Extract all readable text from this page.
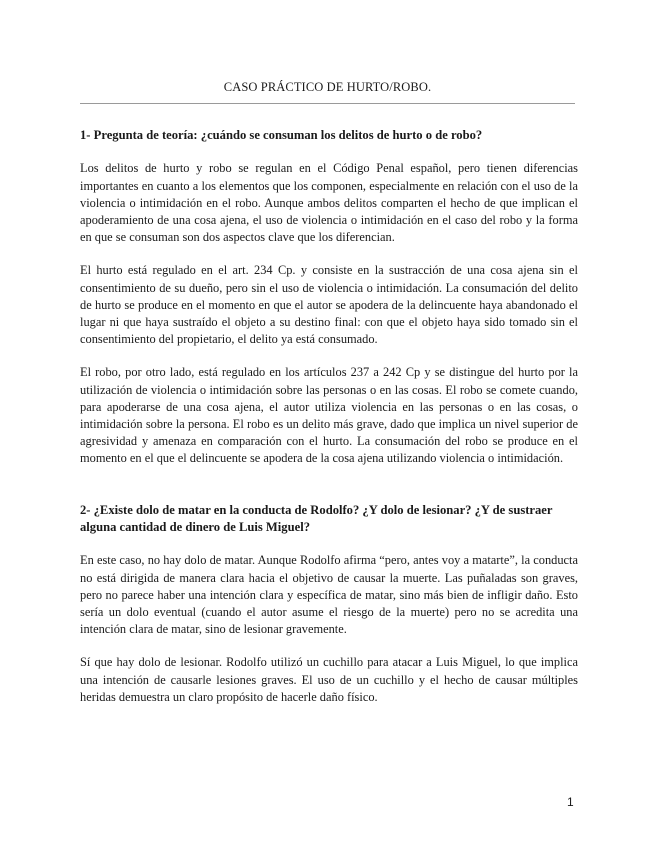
CASO PRÁCTICO DE HURTO/ROBO.

1- Pregunta de teoría: ¿cuándo se consuman los delitos de hurto o de robo?

Los delitos de hurto y robo se regulan en el Código Penal español, pero tienen diferencias importantes en cuanto a los elementos que los componen, especialmente en relación con el uso de la violencia o intimidación en el robo. Aunque ambos delitos comparten el hecho de que implican el apoderamiento de una cosa ajena, el uso de violencia o intimidación en el caso del robo y la forma en que se consuman son dos aspectos clave que los diferencian.

El hurto está regulado en el art. 234 Cp. y consiste en la sustracción de una cosa ajena sin el consentimiento de su dueño, pero sin el uso de violencia o intimidación. La consumación del delito de hurto se produce en el momento en que el autor se apodera de la delincuente haya abandonado el lugar ni que haya sustraído el objeto a su destino final: con que el objeto haya sido tomado sin el consentimiento del propietario, el delito ya está consumado.

El robo, por otro lado, está regulado en los artículos 237 a 242 Cp y se distingue del hurto por la utilización de violencia o intimidación sobre las personas o en las cosas. El robo se comete cuando, para apoderarse de una cosa ajena, el autor utiliza violencia en las personas o en las cosas, o intimidación sobre la persona. El robo es un delito más grave, dado que implica un nivel superior de agresividad y amenaza en comparación con el hurto. La consumación del robo se produce en el momento en el que el delincuente se apodera de la cosa ajena utilizando violencia o intimidación.

2- ¿Existe dolo de matar en la conducta de Rodolfo? ¿Y dolo de lesionar? ¿Y de sustraer alguna cantidad de dinero de Luis Miguel?

En este caso, no hay dolo de matar. Aunque Rodolfo afirma “pero, antes voy a matarte”, la conducta no está dirigida de manera clara hacia el objetivo de causar la muerte. Las puñaladas son graves, pero no parece haber una intención clara y específica de matar, sino más bien de infligir daño. Esto sería un dolo eventual (cuando el autor asume el riesgo de la muerte) pero no se acredita una intención clara de matar, sino de lesionar gravemente.

Sí que hay dolo de lesionar. Rodolfo utilizó un cuchillo para atacar a Luis Miguel, lo que implica una intención de causarle lesiones graves. El uso de un cuchillo y el hecho de causar múltiples heridas demuestra un claro propósito de hacerle daño físico.

1
